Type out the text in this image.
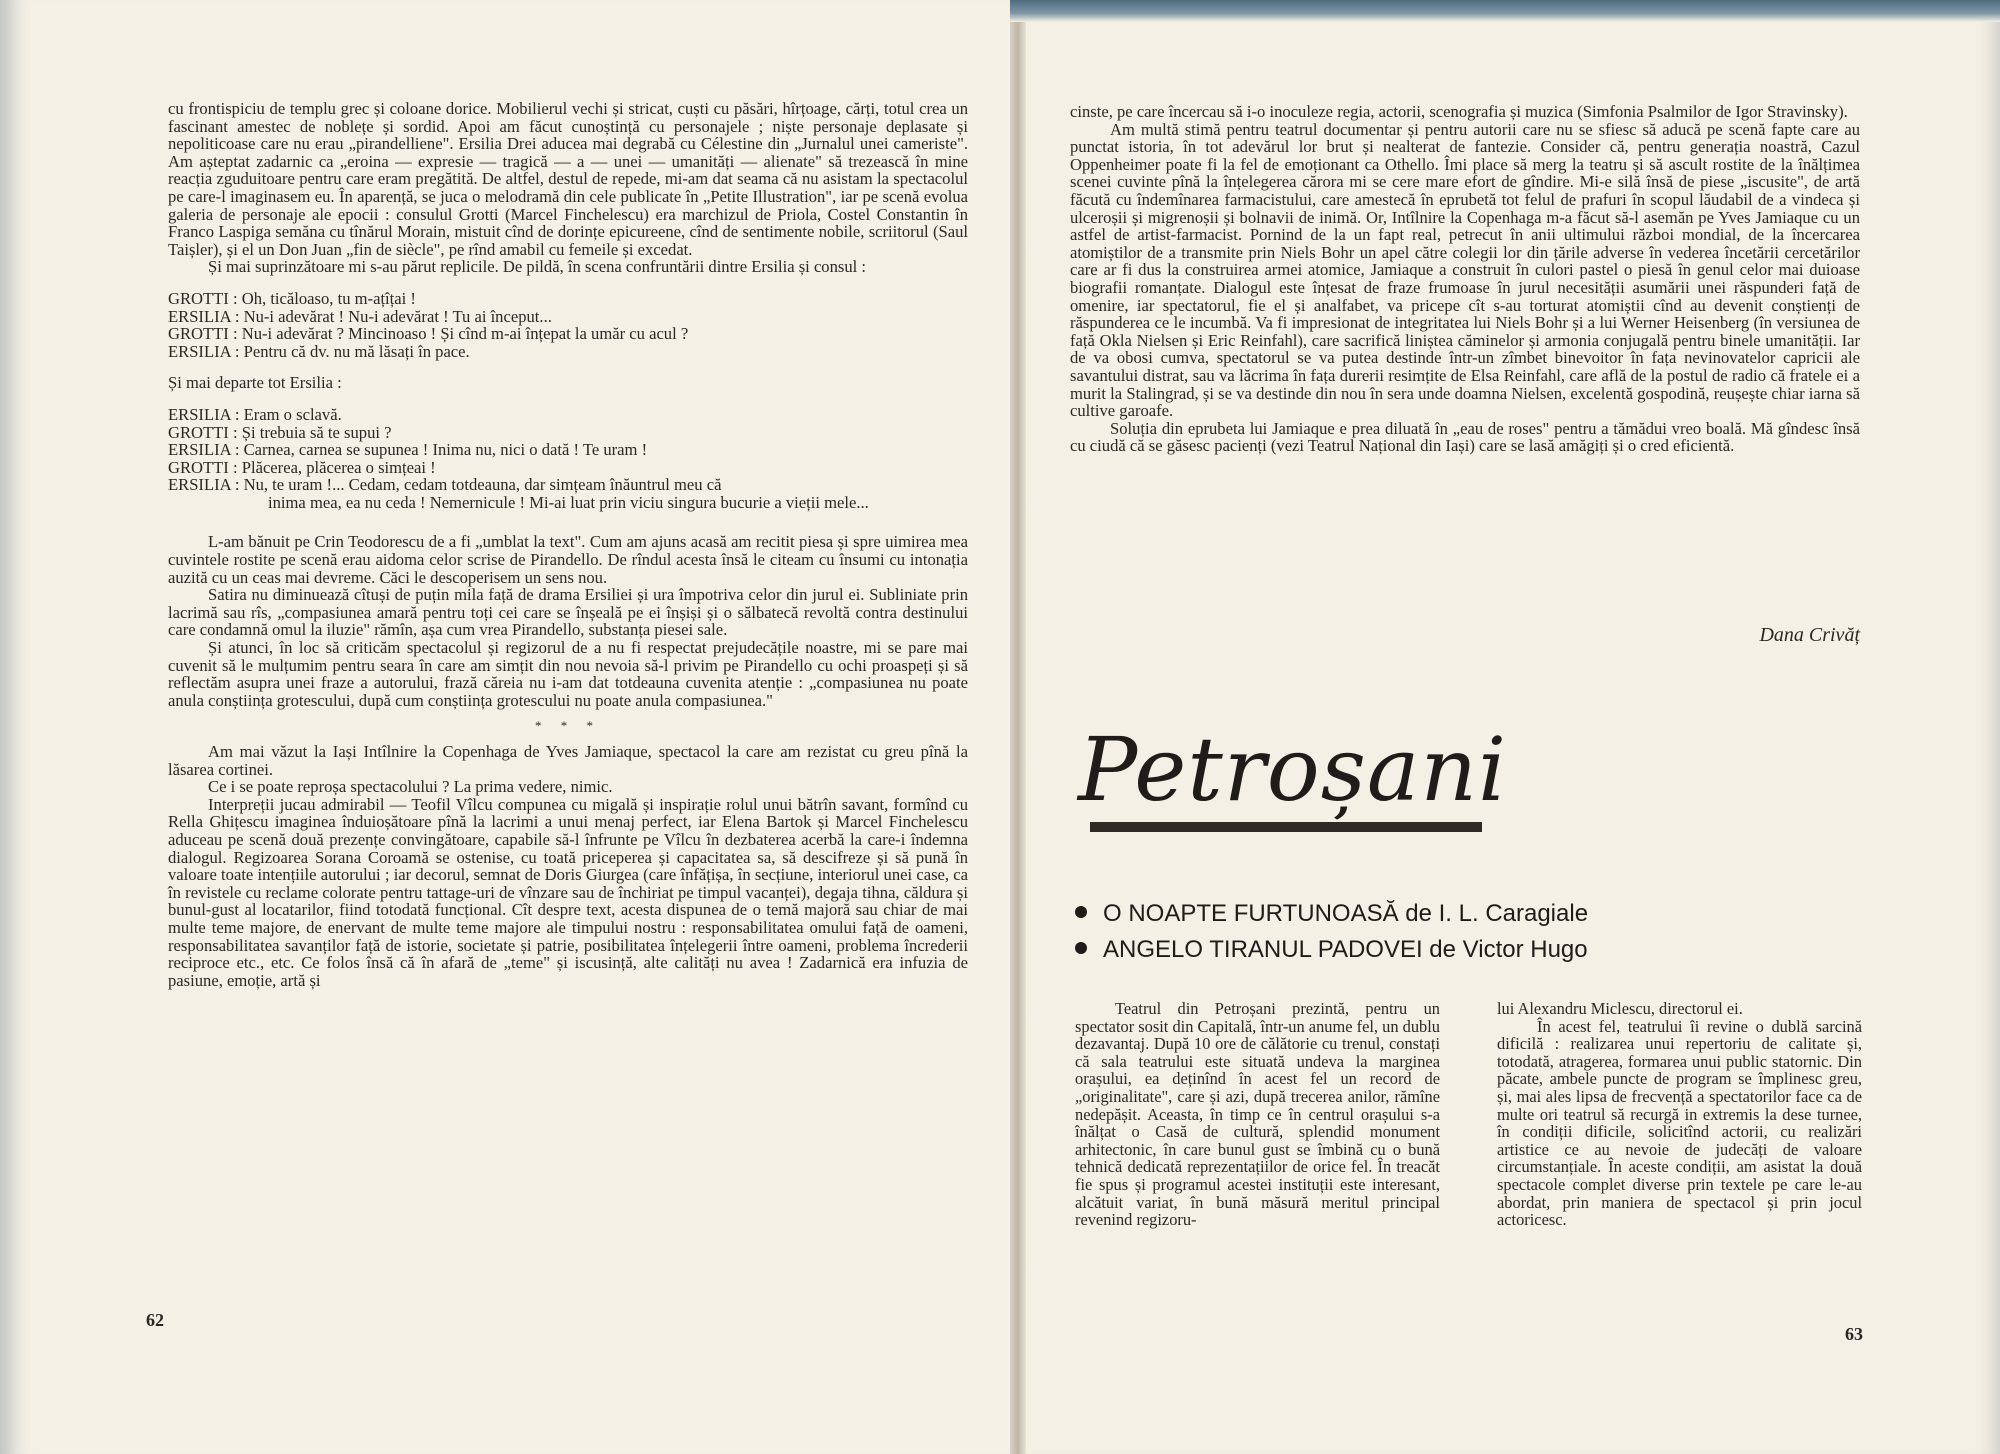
cu frontispiciu de templu grec și coloane dorice. Mobilierul vechi și stricat, cuști cu păsări, hîrțoage, cărți, totul crea un fascinant amestec de noblețe și sordid. Apoi am făcut cunoștință cu personajele ; niște personaje deplasate și nepoliticoase care nu erau „pirandelliene". Ersilia Drei aducea mai degrabă cu Célestine din „Jurnalul unei cameriste". Am așteptat zadarnic ca „eroina — expresie — tragică — a — unei — umanități — alienate" să trezească în mine reacția zguduitoare pentru care eram pregătită. De altfel, destul de repede, mi-am dat seama că nu asistam la spectacolul pe care-l imaginasem eu. În aparență, se juca o melodramă din cele publicate în „Petite Illustration", iar pe scenă evolua galeria de personaje ale epocii : consulul Grotti (Marcel Finchelescu) era marchizul de Priola, Costel Constantin în Franco Laspiga semăna cu tînărul Morain, mistuit cînd de dorințe epicureene, cînd de sentimente nobile, scriitorul (Saul Taișler), și el un Don Juan „fin de siècle", pe rînd amabil cu femeile și excedat.

Și mai suprinzătoare mi s-au părut replicile. De pildă, în scena confruntării dintre Ersilia și consul :

GROTTI : Oh, ticăloaso, tu m-ațîțai !

ERSILIA : Nu-i adevărat ! Nu-i adevărat ! Tu ai început...

GROTTI : Nu-i adevărat ? Mincinoaso ! Și cînd m-ai înțepat la umăr cu acul ?

ERSILIA : Pentru că dv. nu mă lăsați în pace.

Și mai departe tot Ersilia :

ERSILIA : Eram o sclavă.

GROTTI : Și trebuia să te supui ?

ERSILIA : Carnea, carnea se supunea ! Inima nu, nici o dată ! Te uram !

GROTTI : Plăcerea, plăcerea o simțeai !

ERSILIA : Nu, te uram !... Cedam, cedam totdeauna, dar simțeam înăuntrul meu că

inima mea, ea nu ceda ! Nemernicule ! Mi-ai luat prin viciu singura bucurie a vieții mele...

L-am bănuit pe Crin Teodorescu de a fi „umblat la text". Cum am ajuns acasă am recitit piesa și spre uimirea mea cuvintele rostite pe scenă erau aidoma celor scrise de Pirandello. De rîndul acesta însă le citeam cu însumi cu intonația auzită cu un ceas mai devreme. Căci le descoperisem un sens nou.

Satira nu diminuează cîtuși de puțin mila față de drama Ersiliei și ura împotriva celor din jurul ei. Subliniate prin lacrimă sau rîs, „compasiunea amară pentru toți cei care se înșeală pe ei înșiși și o sălbatecă revoltă contra destinului care condamnă omul la iluzie" rămîn, așa cum vrea Pirandello, substanța piesei sale.

Și atunci, în loc să criticăm spectacolul și regizorul de a nu fi respectat prejudecățile noastre, mi se pare mai cuvenit să le mulțumim pentru seara în care am simțit din nou nevoia să-l privim pe Pirandello cu ochi proaspeți și să reflectăm asupra unei fraze a autorului, frază căreia nu i-am dat totdeauna cuvenita atenție : „compasiunea nu poate anula conștiința grotescului, după cum conștiința grotescului nu poate anula compasiunea."

* * *

Am mai văzut la Iași Intîlnire la Copenhaga de Yves Jamiaque, spectacol la care am rezistat cu greu pînă la lăsarea cortinei.

Ce i se poate reproșa spectacolului ? La prima vedere, nimic.

Interpreții jucau admirabil — Teofil Vîlcu compunea cu migală și inspirație rolul unui bătrîn savant, formînd cu Rella Ghițescu imaginea înduioșătoare pînă la lacrimi a unui menaj perfect, iar Elena Bartok și Marcel Finchelescu aduceau pe scenă două prezențe convingătoare, capabile să-l înfrunte pe Vîlcu în dezbaterea acerbă la care-i îndemna dialogul. Regizoarea Sorana Coroamă se ostenise, cu toată priceperea și capacitatea sa, să descifreze și să pună în valoare toate intențiile autorului ; iar decorul, semnat de Doris Giurgea (care înfățișa, în secțiune, interiorul unei case, ca în revistele cu reclame colorate pentru tattage-uri de vînzare sau de închiriat pe timpul vacanței), degaja tihna, căldura și bunul-gust al locatarilor, fiind totodată funcțional. Cît despre text, acesta dispunea de o temă majoră sau chiar de mai multe teme majore, de enervant de multe teme majore ale timpului nostru : responsabilitatea omului față de oameni, responsabilitatea savanților față de istorie, societate și patrie, posibilitatea înțelegerii între oameni, problema încrederii reciproce etc., etc. Ce folos însă că în afară de „teme" și iscusință, alte calități nu avea ! Zadarnică era infuzia de pasiune, emoție, artă și

62

cinste, pe care încercau să i-o inoculeze regia, actorii, scenografia și muzica (Simfonia Psalmilor de Igor Stravinsky).

Am multă stimă pentru teatrul documentar și pentru autorii care nu se sfiesc să aducă pe scenă fapte care au punctat istoria, în tot adevărul lor brut și nealterat de fantezie. Consider că, pentru generația noastră, Cazul Oppenheimer poate fi la fel de emoționant ca Othello. Îmi place să merg la teatru și să ascult rostite de la înălțimea scenei cuvinte pînă la înțelegerea cărora mi se cere mare efort de gîndire. Mi-e silă însă de piese „iscusite", de artă făcută cu îndemînarea farmacistului, care amestecă în eprubetă tot felul de prafuri în scopul lăudabil de a vindeca și ulceroșii și migrenoșii și bolnavii de inimă. Or, Intîlnire la Copenhaga m-a făcut să-l asemăn pe Yves Jamiaque cu un astfel de artist-farmacist. Pornind de la un fapt real, petrecut în anii ultimului război mondial, de la încercarea atomiștilor de a transmite prin Niels Bohr un apel către colegii lor din țările adverse în vederea încetării cercetărilor care ar fi dus la construirea armei atomice, Jamiaque a construit în culori pastel o piesă în genul celor mai duioase biografii romanțate. Dialogul este înțesat de fraze frumoase în jurul necesității asumării unei răspunderi față de omenire, iar spectatorul, fie el și analfabet, va pricepe cît s-au torturat atomiștii cînd au devenit conștienți de răspunderea ce le incumbă. Va fi impresionat de integritatea lui Niels Bohr și a lui Werner Heisenberg (în versiunea de față Okla Nielsen și Eric Reinfahl), care sacrifică liniștea căminelor și armonia conjugală pentru binele umanității. Iar de va obosi cumva, spectatorul se va putea destinde într-un zîmbet binevoitor în fața nevinovatelor capricii ale savantului distrat, sau va lăcrima în fața durerii resimțite de Elsa Reinfahl, care află de la postul de radio că fratele ei a murit la Stalingrad, și se va destinde din nou în sera unde doamna Nielsen, excelentă gospodină, reușește chiar iarna să cultive garoafe.

Soluția din eprubeta lui Jamiaque e prea diluată în „eau de roses" pentru a tămădui vreo boală. Mă gîndesc însă cu ciudă că se găsesc pacienți (vezi Teatrul Național din Iași) care se lasă amăgiți și o cred eficientă.

Dana Crivăț
Petroșani
O NOAPTE FURTUNOASĂ de I. L. Caragiale
ANGELO TIRANUL PADOVEI de Victor Hugo

Teatrul din Petroșani prezintă, pentru un spectator sosit din Capitală, într-un anume fel, un dublu dezavantaj. După 10 ore de călătorie cu trenul, constați că sala teatrului este situată undeva la marginea orașului, ea deținînd în acest fel un record de „originalitate", care și azi, după trecerea anilor, rămîne nedepășit. Aceasta, în timp ce în centrul orașului s-a înălțat o Casă de cultură, splendid monument arhitectonic, în care bunul gust se îmbină cu o bună tehnică dedicată reprezentațiilor de orice fel. În treacăt fie spus și programul acestei instituții este interesant, alcătuit variat, în bună măsură meritul principal revenind regizoru-

lui Alexandru Miclescu, directorul ei.

În acest fel, teatrului îi revine o dublă sarcină dificilă : realizarea unui repertoriu de calitate și, totodată, atragerea, formarea unui public statornic. Din păcate, ambele puncte de program se împlinesc greu, și, mai ales lipsa de frecvență a spectatorilor face ca de multe ori teatrul să recurgă in extremis la dese turnee, în condiții dificile, solicitînd actorii, cu realizări artistice ce au nevoie de judecăți de valoare circumstanțiale. În aceste condiții, am asistat la două spectacole complet diverse prin textele pe care le-au abordat, prin maniera de spectacol și prin jocul actoricesc.

63
